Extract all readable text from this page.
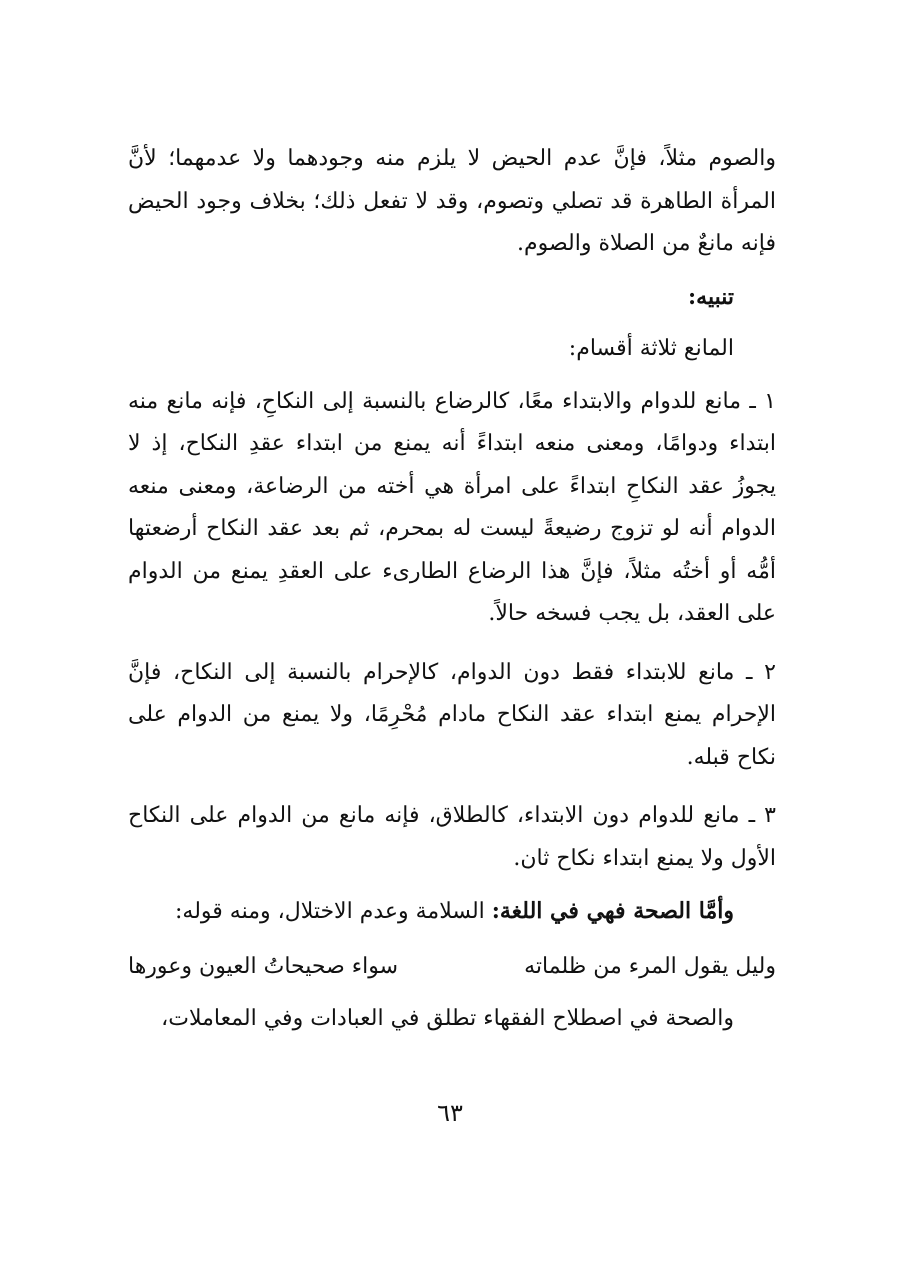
والصوم مثلاً، فإنَّ عدم الحيض لا يلزم منه وجودهما ولا عدمهما؛ لأنَّ المرأة الطاهرة قد تصلي وتصوم، وقد لا تفعل ذلك؛ بخلاف وجود الحيض فإنه مانعٌ من الصلاة والصوم.

تنبيه:

المانع ثلاثة أقسام:

١ ـ مانع للدوام والابتداء معًا، كالرضاع بالنسبة إلى النكاحِ، فإنه مانع منه ابتداء ودوامًا، ومعنى منعه ابتداءً أنه يمنع من ابتداء عقدِ النكاح، إذ لا يجوزُ عقد النكاحِ ابتداءً على امرأة هي أخته من الرضاعة، ومعنى منعه الدوام أنه لو تزوج رضيعةً ليست له بمحرم، ثم بعد عقد النكاح أرضعتها أمُّه أو أختُه مثلاً، فإنَّ هذا الرضاع الطارىء على العقدِ يمنع من الدوام على العقد، بل يجب فسخه حالاً.

٢ ـ مانع للابتداء فقط دون الدوام، كالإحرام بالنسبة إلى النكاح، فإنَّ الإحرام يمنع ابتداء عقد النكاح مادام مُحْرِمًا، ولا يمنع من الدوام على نكاح قبله.

٣ ـ مانع للدوام دون الابتداء، كالطلاق، فإنه مانع من الدوام على النكاح الأول ولا يمنع ابتداء نكاح ثان.

وأمَّا الصحة فهي في اللغة: السلامة وعدم الاختلال، ومنه قوله:

وليل يقول المرء من ظلماته
سواء صحيحاتُ العيون وعورها

والصحة في اصطلاح الفقهاء تطلق في العبادات وفي المعاملات،

٦٣
